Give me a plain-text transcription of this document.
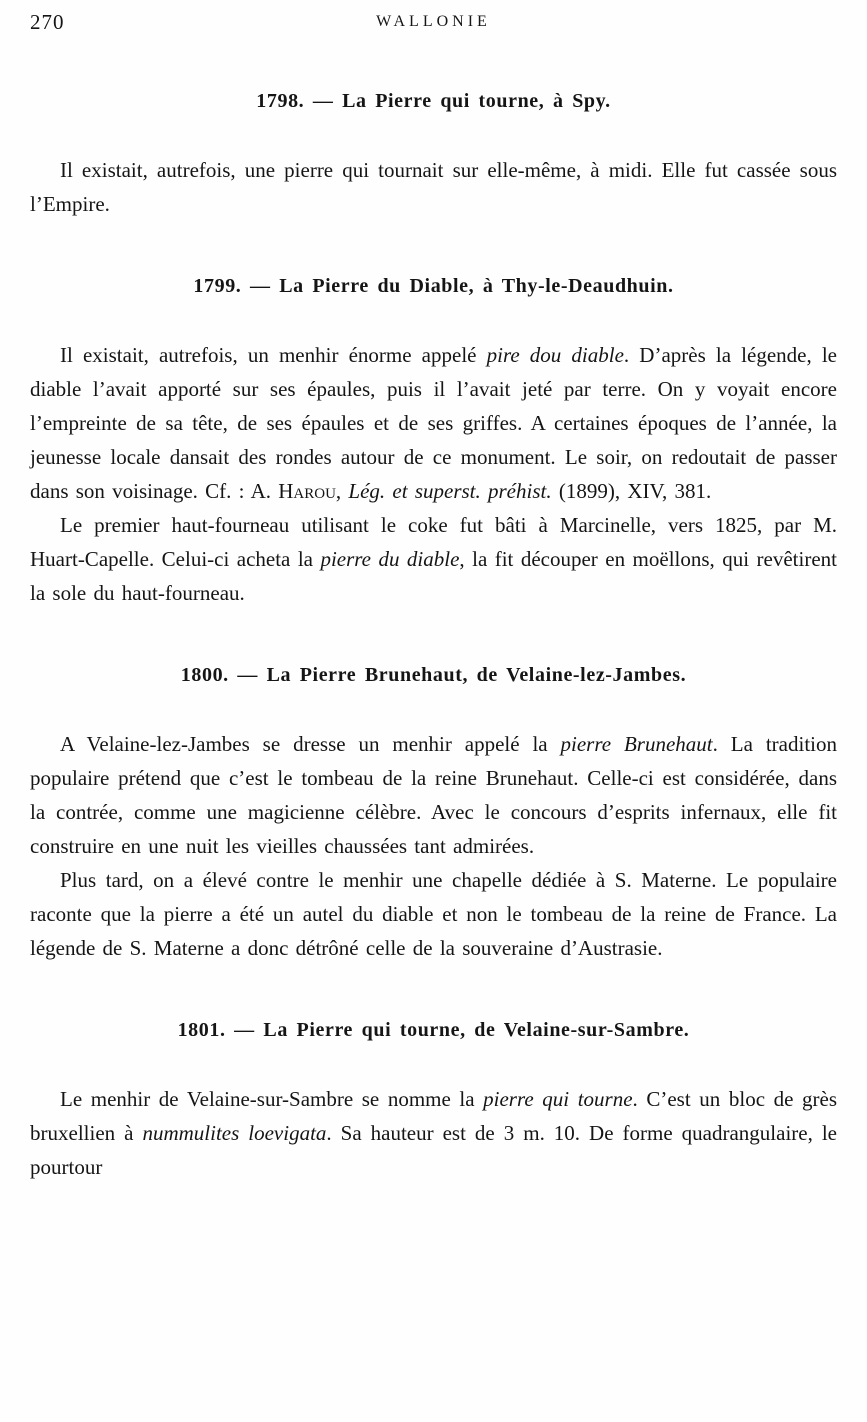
270	WALLONIE
1798. — La Pierre qui tourne, à Spy.

Il existait, autrefois, une pierre qui tournait sur elle-même, à midi. Elle fut cassée sous l’Empire.

1799. — La Pierre du Diable, à Thy-le-Deaudhuin.

Il existait, autrefois, un menhir énorme appelé pire dou diable. D’après la légende, le diable l’avait apporté sur ses épaules, puis il l’avait jeté par terre. On y voyait encore l’empreinte de sa tête, de ses épaules et de ses griffes. A certaines époques de l’année, la jeunesse locale dansait des rondes autour de ce monument. Le soir, on redoutait de passer dans son voisinage. Cf. : A. Harou, Lég. et superst. préhist. (1899), XIV, 381.

Le premier haut-fourneau utilisant le coke fut bâti à Marcinelle, vers 1825, par M. Huart-Capelle. Celui-ci acheta la pierre du diable, la fit découper en moëllons, qui revêtirent la sole du haut-fourneau.

1800. — La Pierre Brunehaut, de Velaine-lez-Jambes.

A Velaine-lez-Jambes se dresse un menhir appelé la pierre Brunehaut. La tradition populaire prétend que c’est le tombeau de la reine Brunehaut. Celle-ci est considérée, dans la contrée, comme une magicienne célèbre. Avec le concours d’esprits infernaux, elle fit construire en une nuit les vieilles chaussées tant admirées.

Plus tard, on a élevé contre le menhir une chapelle dédiée à S. Materne. Le populaire raconte que la pierre a été un autel du diable et non le tombeau de la reine de France. La légende de S. Materne a donc détrôné celle de la souveraine d’Austrasie.

1801. — La Pierre qui tourne, de Velaine-sur-Sambre.

Le menhir de Velaine-sur-Sambre se nomme la pierre qui tourne. C’est un bloc de grès bruxellien à nummulites loevigata. Sa hauteur est de 3 m. 10. De forme quadrangulaire, le pourtour
